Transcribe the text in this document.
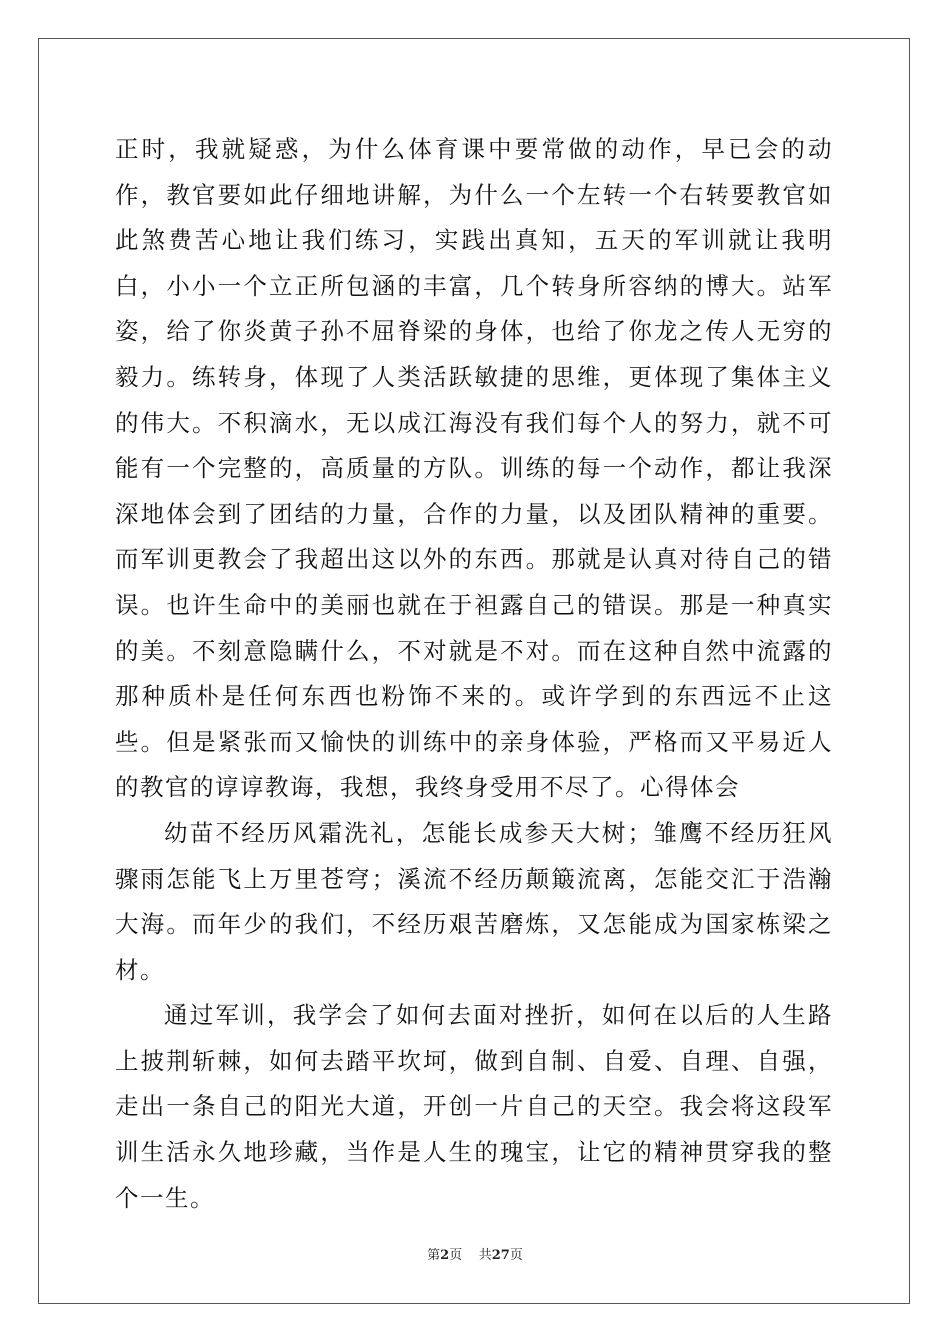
正时，我就疑惑，为什么体育课中要常做的动作，早已会的动作，教官要如此仔细地讲解，为什么一个左转一个右转要教官如此煞费苦心地让我们练习，实践出真知，五天的军训就让我明白，小小一个立正所包涵的丰富，几个转身所容纳的博大。站军姿，给了你炎黄子孙不屈脊梁的身体，也给了你龙之传人无穷的毅力。练转身，体现了人类活跃敏捷的思维，更体现了集体主义的伟大。不积滴水，无以成江海没有我们每个人的努力，就不可能有一个完整的，高质量的方队。训练的每一个动作，都让我深深地体会到了团结的力量，合作的力量，以及团队精神的重要。而军训更教会了我超出这以外的东西。那就是认真对待自己的错误。也许生命中的美丽也就在于袒露自己的错误。那是一种真实的美。不刻意隐瞒什么，不对就是不对。而在这种自然中流露的那种质朴是任何东西也粉饰不来的。或许学到的东西远不止这些。但是紧张而又愉快的训练中的亲身体验，严格而又平易近人的教官的谆谆教诲，我想，我终身受用不尽了。心得体会

幼苗不经历风霜洗礼，怎能长成参天大树；雏鹰不经历狂风骤雨怎能飞上万里苍穹；溪流不经历颠簸流离，怎能交汇于浩瀚大海。而年少的我们，不经历艰苦磨炼，又怎能成为国家栋梁之材。

通过军训，我学会了如何去面对挫折，如何在以后的人生路上披荆斩棘，如何去踏平坎坷，做到自制、自爱、自理、自强，走出一条自己的阳光大道，开创一片自己的天空。我会将这段军训生活永久地珍藏，当作是人生的瑰宝，让它的精神贯穿我的整个一生。

第2页 共27页
